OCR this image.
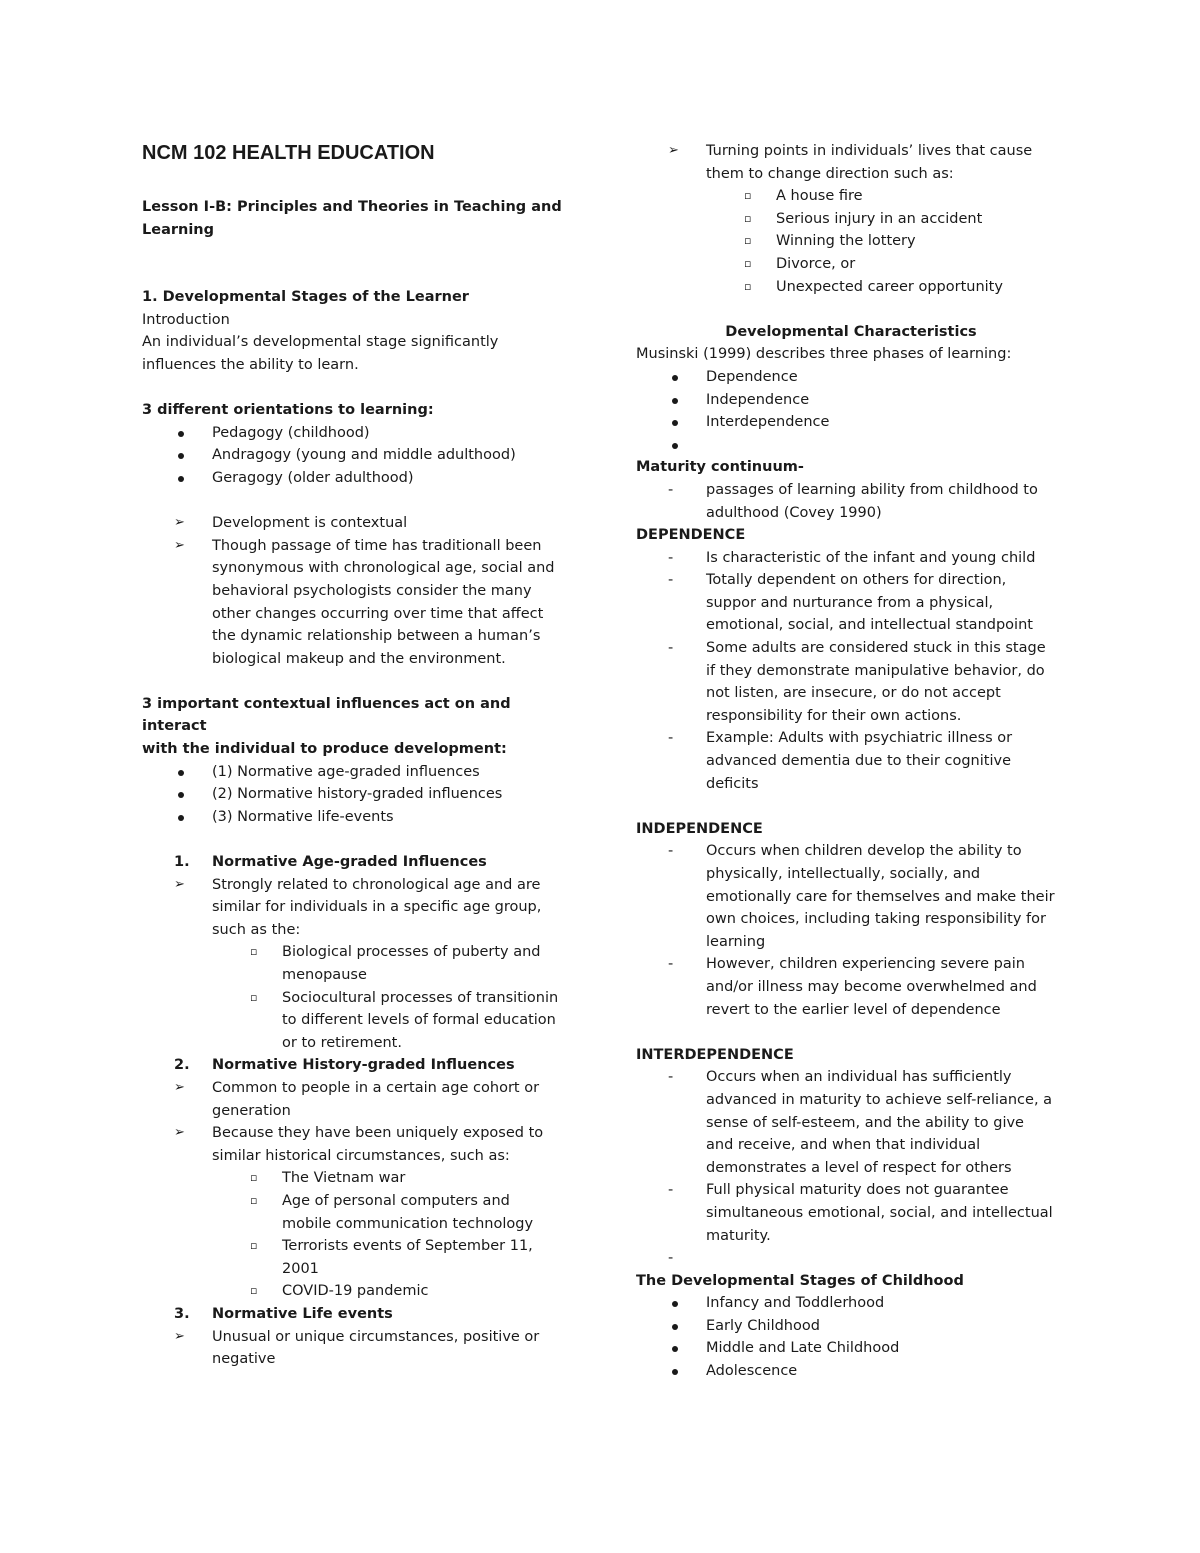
NCM 102 HEALTH EDUCATION

Lesson I-B: Principles and Theories in Teaching and

Learning

1. Developmental Stages of the Learner

Introduction

An individual’s developmental stage significantly

influences the ability to learn.

3 different orientations to learning:

Pedagogy (childhood)
Andragogy (young and middle adulthood)
Geragogy (older adulthood)
➢	Development is contextual
➢	Though passage of time has traditionall been
synonymous with chronological age, social and
behavioral psychologists consider the many
other changes occurring over time that affect
the dynamic relationship between a human’s
biological makeup and the environment.

3 important contextual influences act on and

interact

with the individual to produce development:

(1) Normative age-graded influences
(2) Normative history-graded influences
(3) Normative life-events
1.	Normative Age-graded Influences
➢	Strongly related to chronological age and are
similar for individuals in a specific age group,
such as the:
▫ Biological processes of puberty and
menopause
▫ Sociocultural processes of transitionin
to different levels of formal education
or to retirement.
2.	Normative History-graded Influences
➢	Common to people in a certain age cohort or
generation
➢	Because they have been uniquely exposed to
similar historical circumstances, such as:
▫ The Vietnam war
▫ Age of personal computers and
mobile communication technology
▫ Terrorists events of September 11,
2001
▫ COVID-19 pandemic
3.	Normative Life events
➢	Unusual or unique circumstances, positive or
negative
➢	Turning points in individuals’ lives that cause
them to change direction such as:
▫ A house fire
▫ Serious injury in an accident
▫ Winning the lottery
▫ Divorce, or
▫ Unexpected career opportunity

Developmental Characteristics

Musinski (1999) describes three phases of learning:

Dependence
Independence
Interdependence

Maturity continuum-

-	passages of learning ability from childhood to
adulthood (Covey 1990)

DEPENDENCE

-	Is characteristic of the infant and young child
-	Totally dependent on others for direction,
suppor and nurturance from a physical,
emotional, social, and intellectual standpoint
-	Some adults are considered stuck in this stage
if they demonstrate manipulative behavior, do
not listen, are insecure, or do not accept
responsibility for their own actions.
-	Example: Adults with psychiatric illness or
advanced dementia due to their cognitive
deficits

INDEPENDENCE

-	Occurs when children develop the ability to
physically, intellectually, socially, and
emotionally care for themselves and make their
own choices, including taking responsibility for
learning
-	However, children experiencing severe pain
and/or illness may become overwhelmed and
revert to the earlier level of dependence

INTERDEPENDENCE

-	Occurs when an individual has sufficiently
advanced in maturity to achieve self-reliance, a
sense of self-esteem, and the ability to give
and receive, and when that individual
demonstrates a level of respect for others
-	Full physical maturity does not guarantee
simultaneous emotional, social, and intellectual
maturity.
-

The Developmental Stages of Childhood

Infancy and Toddlerhood
Early Childhood
Middle and Late Childhood
Adolescence
